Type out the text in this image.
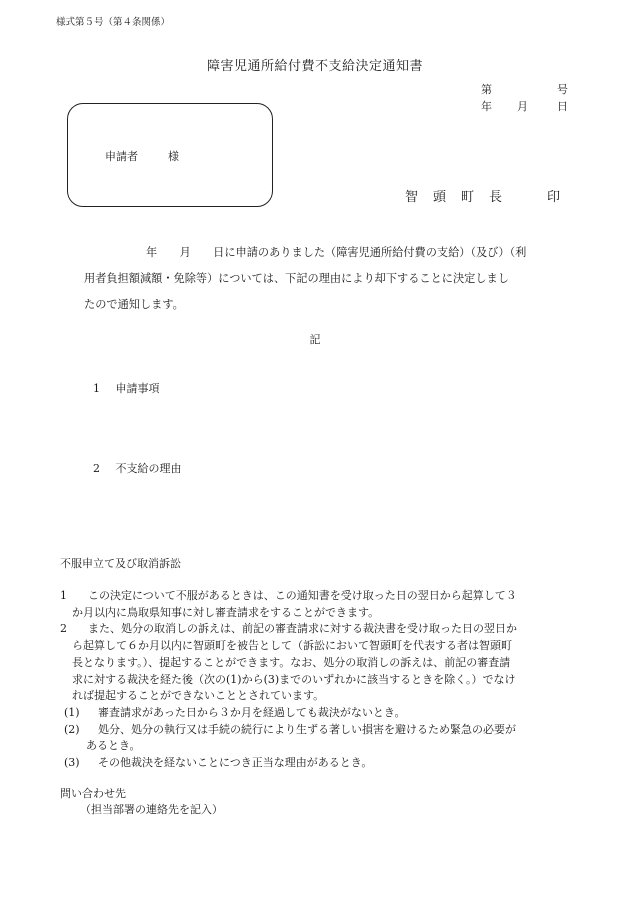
様式第５号（第４条関係）
障害児通所給付費不支給決定通知書
第	号
年 月	日
申請者	様
智 頭 町 長	印

年　　月　　日に申請のありました（障害児通所給付費の支給）（及び）（利

用者負担額減額・免除等）については、下記の理由により却下することに決定しまし

たので通知します。

記
1 申請事項
2 不支給の理由
不服申立て及び取消訴訟
1	この決定について不服があるときは、この通知書を受け取った日の翌日から起算して３
か月以内に鳥取県知事に対し審査請求をすることができます。
2	また、処分の取消しの訴えは、前記の審査請求に対する裁決書を受け取った日の翌日か
ら起算して６か月以内に智頭町を被告として（訴訟において智頭町を代表する者は智頭町
長となります。）、提起することができます。なお、処分の取消しの訴えは、前記の審査請
求に対する裁決を経た後（次の(1)から(3)までのいずれかに該当するときを除く。）でなけ
れば提起することができないこととされています。
(1)	審査請求があった日から３か月を経過しても裁決がないとき。
(2)	処分、処分の執行又は手続の続行により生ずる著しい損害を避けるため緊急の必要が
あるとき。
(3)	その他裁決を経ないことにつき正当な理由があるとき。
問い合わせ先
（担当部署の連絡先を記入）
